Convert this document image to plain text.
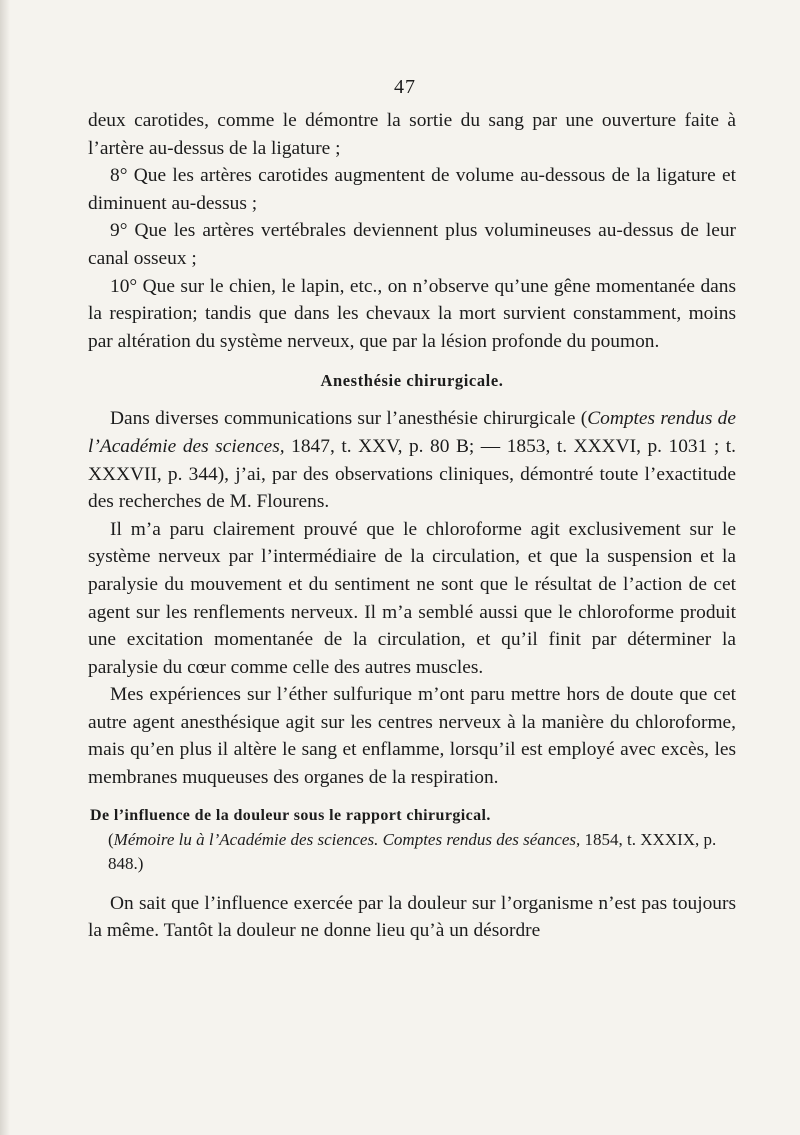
47

deux carotides, comme le démontre la sortie du sang par une ouverture faite à l’artère au-dessus de la ligature ;

8° Que les artères carotides augmentent de volume au-dessous de la ligature et diminuent au-dessus ;

9° Que les artères vertébrales deviennent plus volumineuses au-dessus de leur canal osseux ;

10° Que sur le chien, le lapin, etc., on n’observe qu’une gêne momentanée dans la respiration; tandis que dans les chevaux la mort survient constamment, moins par altération du système nerveux, que par la lésion profonde du poumon.

Anesthésie chirurgicale.

Dans diverses communications sur l’anesthésie chirurgicale (Comptes rendus de l’Académie des sciences, 1847, t. XXV, p. 80 B; — 1853, t. XXXVI, p. 1031 ; t. XXXVII, p. 344), j’ai, par des observations cliniques, démontré toute l’exactitude des recherches de M. Flourens.

Il m’a paru clairement prouvé que le chloroforme agit exclusivement sur le système nerveux par l’intermédiaire de la circulation, et que la suspension et la paralysie du mouvement et du sentiment ne sont que le résultat de l’action de cet agent sur les renflements nerveux. Il m’a semblé aussi que le chloroforme produit une excitation momentanée de la circulation, et qu’il finit par déterminer la paralysie du cœur comme celle des autres muscles.

Mes expériences sur l’éther sulfurique m’ont paru mettre hors de doute que cet autre agent anesthésique agit sur les centres nerveux à la manière du chloroforme, mais qu’en plus il altère le sang et enflamme, lorsqu’il est employé avec excès, les membranes muqueuses des organes de la respiration.

De l’influence de la douleur sous le rapport chirurgical.

(Mémoire lu à l’Académie des sciences. Comptes rendus des séances, 1854, t. XXXIX, p. 848.)

On sait que l’influence exercée par la douleur sur l’organisme n’est pas toujours la même. Tantôt la douleur ne donne lieu qu’à un désordre
